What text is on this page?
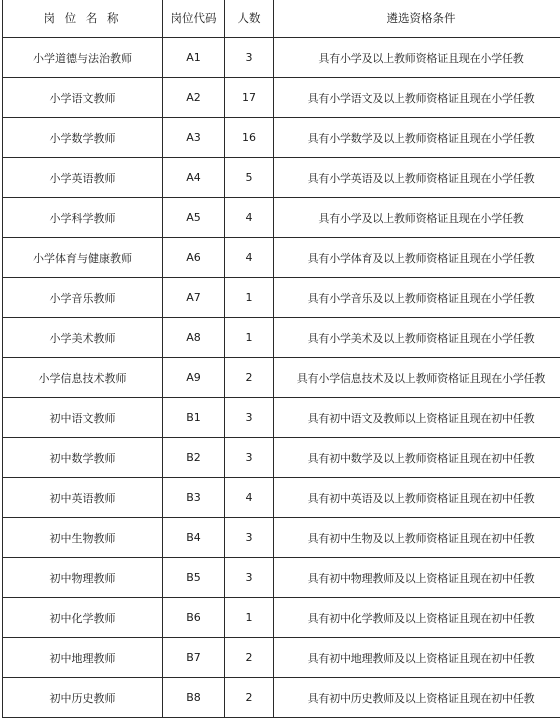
岗 位 名 称	岗位代码	人数	遴选资格条件
小学道德与法治教师	A1	3	具有小学及以上教师资格证且现在小学任教
小学语文教师	A2	17	具有小学语文及以上教师资格证且现在小学任教
小学数学教师	A3	16	具有小学数学及以上教师资格证且现在小学任教
小学英语教师	A4	5	具有小学英语及以上教师资格证且现在小学任教
小学科学教师	A5	4	具有小学及以上教师资格证且现在小学任教
小学体育与健康教师	A6	4	具有小学体育及以上教师资格证且现在小学任教
小学音乐教师	A7	1	具有小学音乐及以上教师资格证且现在小学任教
小学美术教师	A8	1	具有小学美术及以上教师资格证且现在小学任教
小学信息技术教师	A9	2	具有小学信息技术及以上教师资格证且现在小学任教
初中语文教师	B1	3	具有初中语文及教师以上资格证且现在初中任教
初中数学教师	B2	3	具有初中数学及以上教师资格证且现在初中任教
初中英语教师	B3	4	具有初中英语及以上教师资格证且现在初中任教
初中生物教师	B4	3	具有初中生物及以上教师资格证且现在初中任教
初中物理教师	B5	3	具有初中物理教师及以上资格证且现在初中任教
初中化学教师	B6	1	具有初中化学教师及以上资格证且现在初中任教
初中地理教师	B7	2	具有初中地理教师及以上资格证且现在初中任教
初中历史教师	B8	2	具有初中历史教师及以上资格证且现在初中任教
